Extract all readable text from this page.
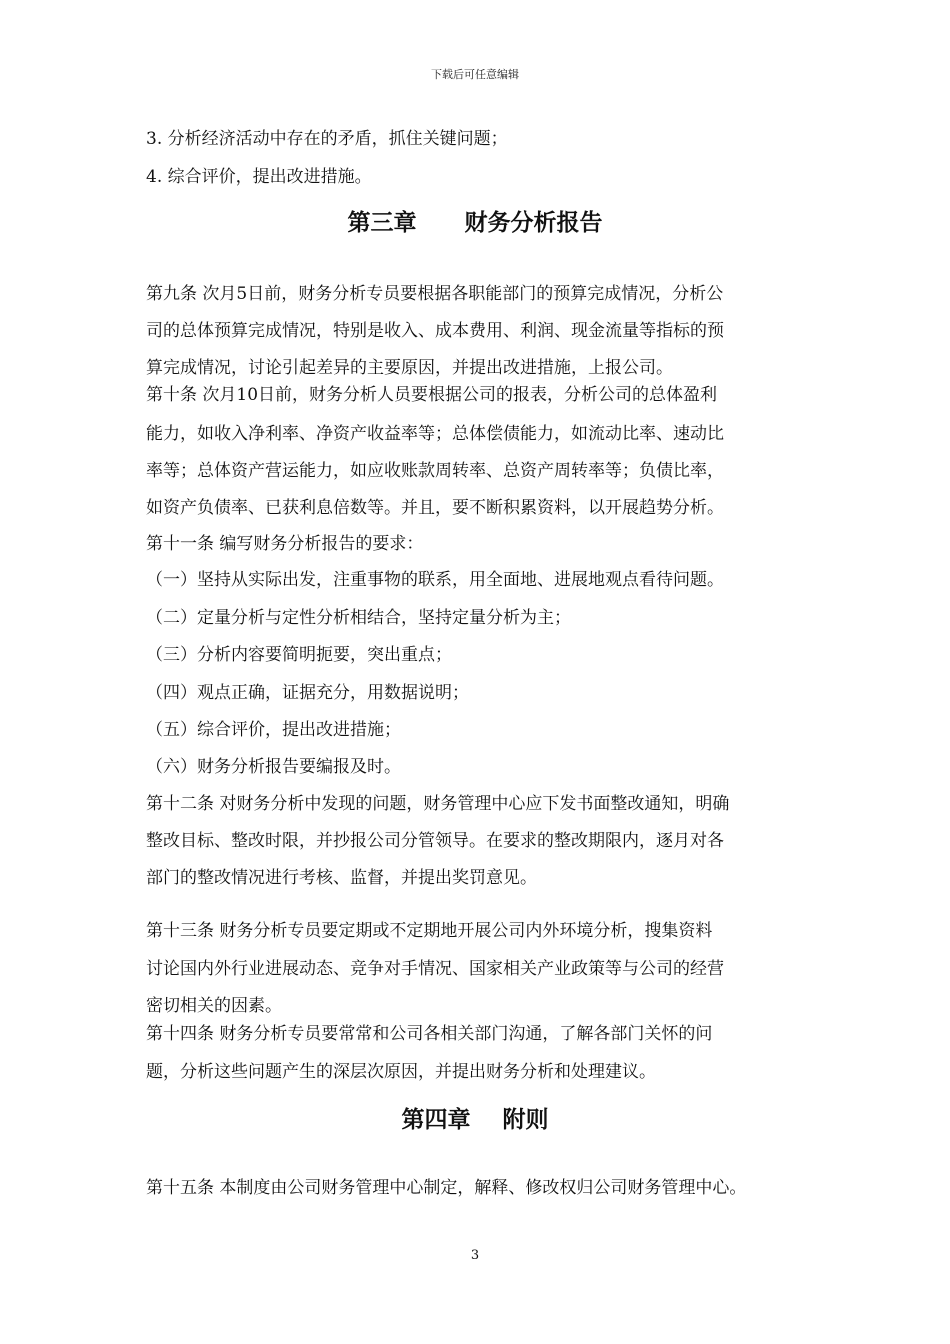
下载后可任意编辑
3. 分析经济活动中存在的矛盾，抓住关键问题；
4. 综合评价，提出改进措施。
第三章      财务分析报告
第九条 次月5日前，财务分析专员要根据各职能部门的预算完成情况，分析公
司的总体预算完成情况，特别是收入、成本费用、利润、现金流量等指标的预
算完成情况，讨论引起差异的主要原因，并提出改进措施，上报公司。
第十条 次月10日前，财务分析人员要根据公司的报表，分析公司的总体盈利
能力，如收入净利率、净资产收益率等；总体偿债能力，如流动比率、速动比
率等；总体资产营运能力，如应收账款周转率、总资产周转率等；负债比率，
如资产负债率、已获利息倍数等。并且，要不断积累资料，以开展趋势分析。
第十一条 编写财务分析报告的要求：
（一）坚持从实际出发，注重事物的联系，用全面地、进展地观点看待问题。
（二）定量分析与定性分析相结合，坚持定量分析为主；
（三）分析内容要简明扼要，突出重点；
（四）观点正确，证据充分，用数据说明；
（五）综合评价，提出改进措施；
（六）财务分析报告要编报及时。
第十二条 对财务分析中发现的问题，财务管理中心应下发书面整改通知，明确
整改目标、整改时限，并抄报公司分管领导。在要求的整改期限内，逐月对各
部门的整改情况进行考核、监督，并提出奖罚意见。
第十三条 财务分析专员要定期或不定期地开展公司内外环境分析，搜集资料
讨论国内外行业进展动态、竞争对手情况、国家相关产业政策等与公司的经营
密切相关的因素。
第十四条 财务分析专员要常常和公司各相关部门沟通，了解各部门关怀的问
题，分析这些问题产生的深层次原因，并提出财务分析和处理建议。
第四章    附则
第十五条 本制度由公司财务管理中心制定，解释、修改权归公司财务管理中心。
3
